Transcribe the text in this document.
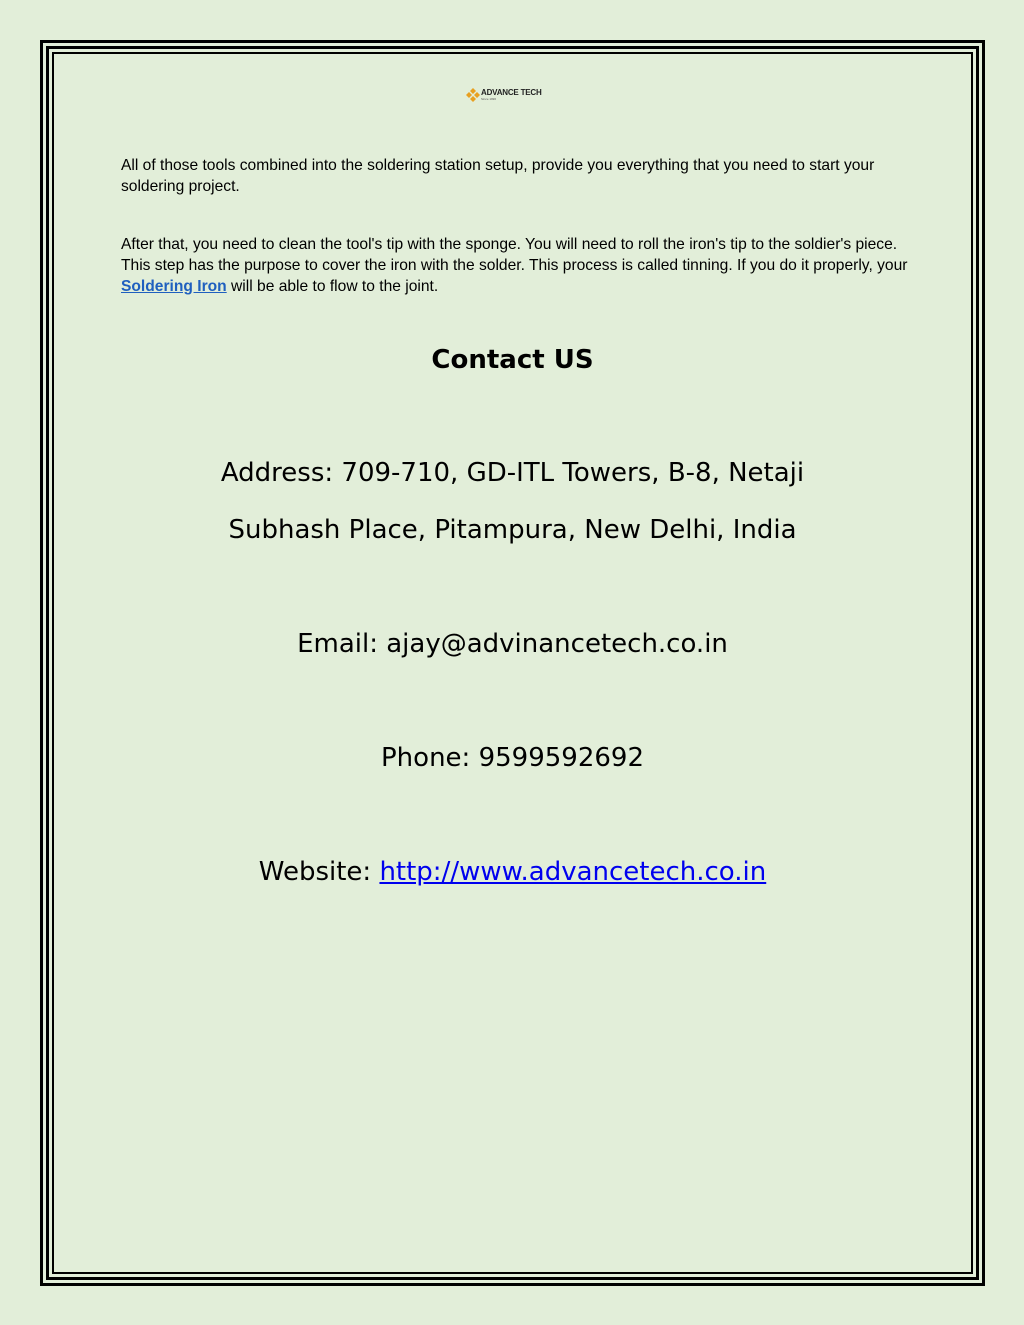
ADVANCE TECH
Since 1996

All of those tools combined into the soldering station setup, provide you everything that you need to start your soldering project.

After that, you need to clean the tool's tip with the sponge. You will need to roll the iron's tip to the soldier's piece. This step has the purpose to cover the iron with the solder. This process is called tinning. If you do it properly, your Soldering Iron will be able to flow to the joint.

Contact US

Address: 709-710, GD-ITL Towers, B-8, Netaji

Subhash Place, Pitampura, New Delhi, India

Email: ajay@advinancetech.co.in

Phone: 9599592692

Website: http://www.advancetech.co.in
